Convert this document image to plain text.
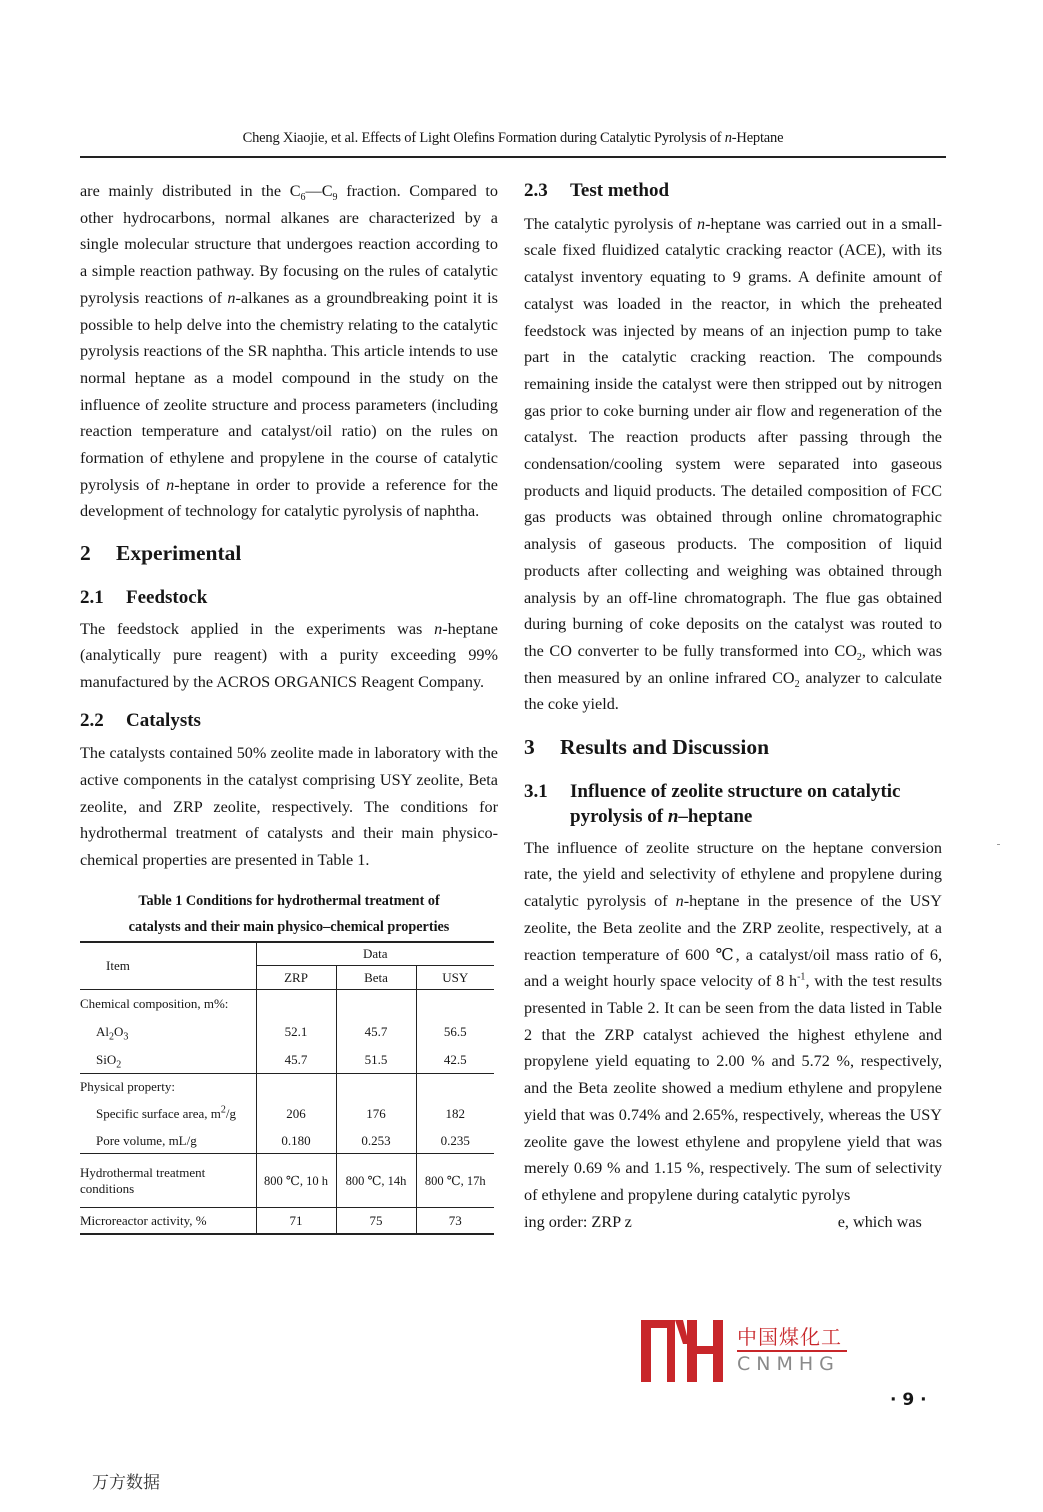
Cheng Xiaojie, et al. Effects of Light Olefins Formation during Catalytic Pyrolysis of n-Heptane

are mainly distributed in the $C_6—C_9$ fraction. Compared to other hydrocarbons, normal alkanes are characterized by a single molecular structure that undergoes reaction according to a simple reaction pathway. By focusing on the rules of catalytic pyrolysis reactions of n-alkanes as a groundbreaking point it is possible to help delve into the chemistry relating to the catalytic pyrolysis reactions of the SR naphtha. This article intends to use normal heptane as a model compound in the study on the influence of zeolite structure and process parameters (including reaction temperature and catalyst/oil ratio) on the rules on formation of ethylene and propylene in the course of catalytic pyrolysis of n-heptane in order to provide a reference for the development of technology for catalytic pyrolysis of naphtha.

2 Experimental
2.1 Feedstock

The feedstock applied in the experiments was n-heptane (analytically pure reagent) with a purity exceeding 99% manufactured by the ACROS ORGANICS Reagent Company.

2.2 Catalysts

The catalysts contained 50% zeolite made in laboratory with the active components in the catalyst comprising USY zeolite, Beta zeolite, and ZRP zeolite, respectively. The conditions for hydrothermal treatment of catalysts and their main physico-chemical properties are presented in Table 1.

Table 1 Conditions for hydrothermal treatment of

catalysts and their main physico–chemical properties

Item	Data		
	ZRP	Beta	USY
Chemical composition, m%:			
$Al_2O_3$	52.1	45.7	56.5
SiO$_2$	45.7	51.5	42.5
Physical property:			
Specific surface area, $m^2/g$	206	176	182
Pore volume, mL/g	0.180	0.253	0.235
Hydrothermal treatment
conditions	800 ℃, 10 h	800 ℃, 14h	800 ℃, 17h
Microreactor activity, %	71	75	73
2.3 Test method

The catalytic pyrolysis of n-heptane was carried out in a small-scale fixed fluidized catalytic cracking reactor (ACE), with its catalyst inventory equating to 9 grams. A definite amount of catalyst was loaded in the reactor, in which the preheated feedstock was injected by means of an injection pump to take part in the catalytic cracking reaction. The compounds remaining inside the catalyst were then stripped out by nitrogen gas prior to coke burning under air flow and regeneration of the catalyst. The reaction products after passing through the condensation/cooling system were separated into gaseous products and liquid products. The detailed composition of FCC gas products was obtained through online chromatographic analysis of gaseous products. The composition of liquid products after collecting and weighing was obtained through analysis by an off-line chromatograph. The flue gas obtained during burning of coke deposits on the catalyst was routed to the CO converter to be fully transformed into $CO_2$, which was then measured by an online infrared $CO_2$ analyzer to calculate the coke yield.

3 Results and Discussion
3.1 Influence of zeolite structure on catalytic
pyrolysis of n–heptane

The influence of zeolite structure on the heptane conversion rate, the yield and selectivity of ethylene and propylene during catalytic pyrolysis of n-heptane in the presence of the USY zeolite, the Beta zeolite and the ZRP zeolite, respectively, at a reaction temperature of 600 ℃, a catalyst/oil mass ratio of 6, and a weight hourly space velocity of 8 $h^{-1}$, with the test results presented in Table 2. It can be seen from the data listed in Table 2 that the ZRP catalyst achieved the highest ethylene and propylene yield equating to 2.00 % and 5.72 %, respectively, and the Beta zeolite showed a medium ethylene and propylene yield that was 0.74% and 2.65%, respectively, whereas the USY zeolite gave the lowest ethylene and propylene yield that was merely 0.69 % and 1.15 %, respectively. The sum of selectivity of ethylene and propylene during catalytic pyrolys

ing order: ZRP z	e, which was

中国煤化工
CNMHG
· 9 ·
万方数据
